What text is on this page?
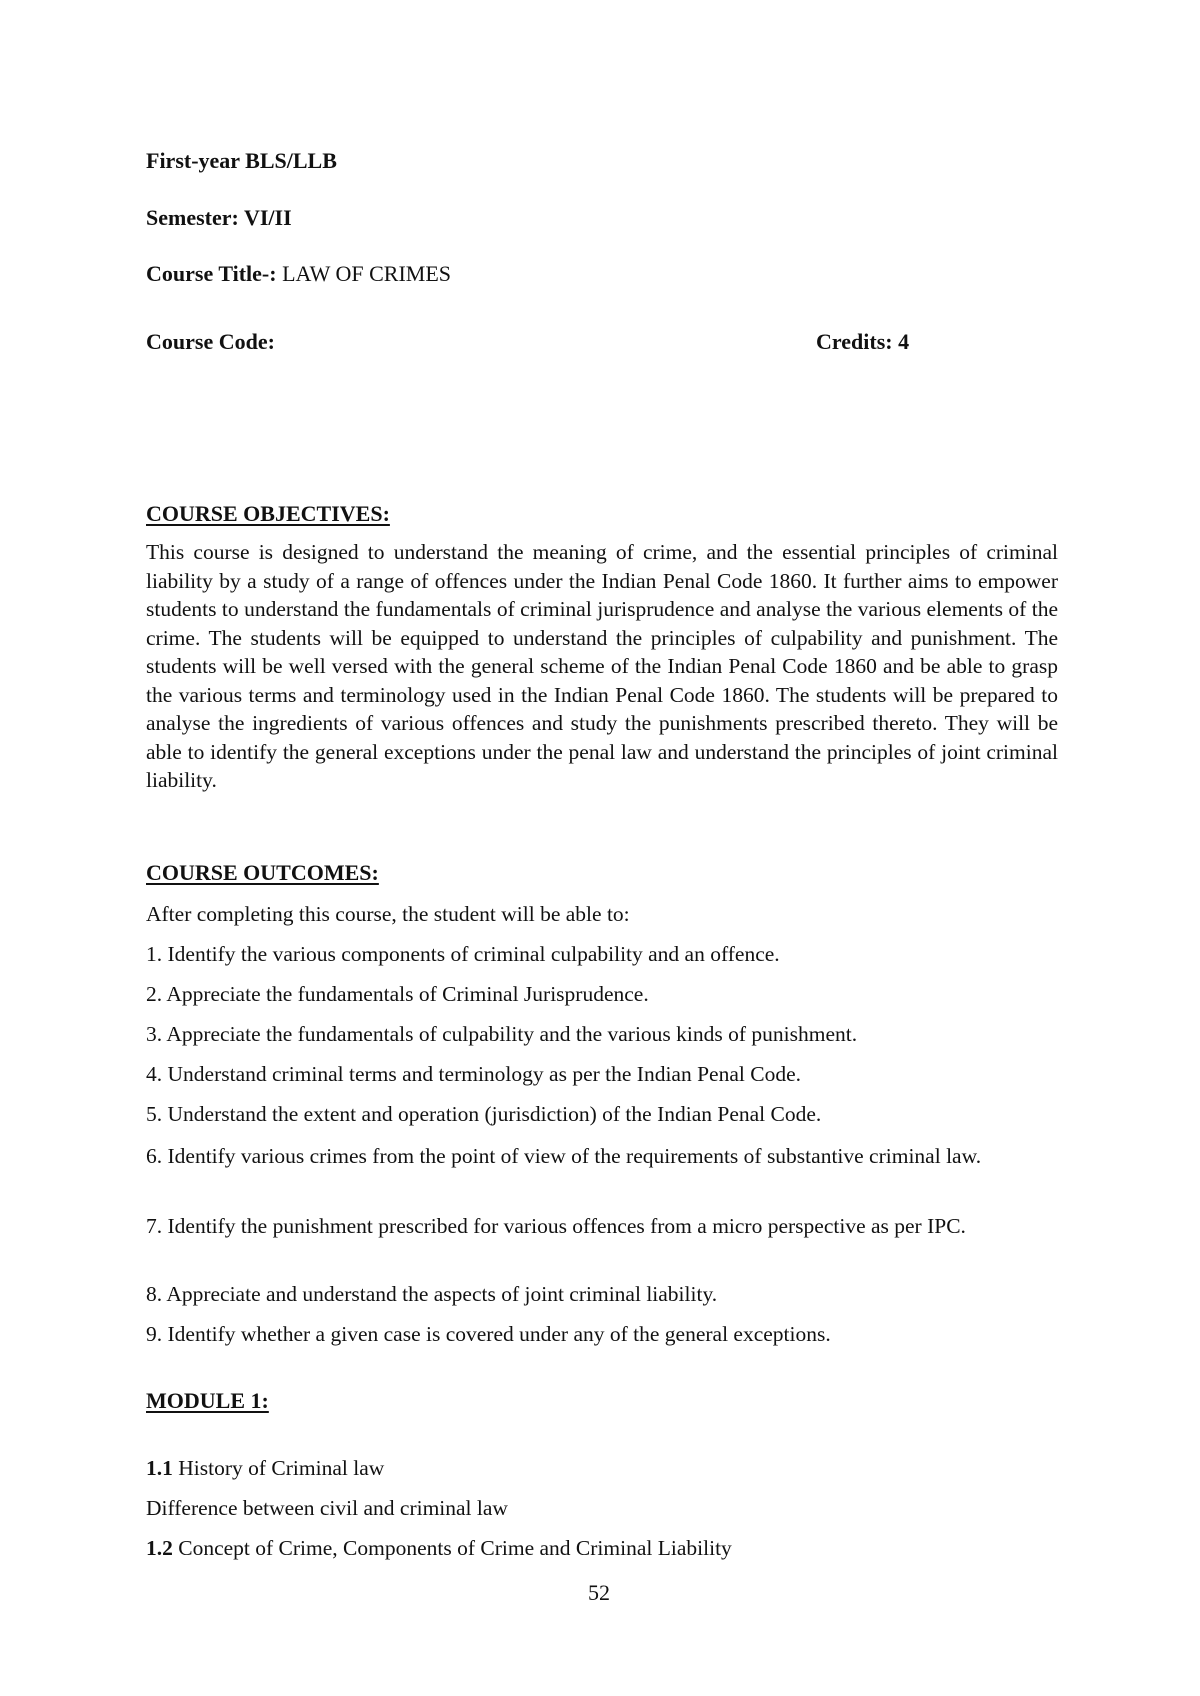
First-year BLS/LLB
Semester: VI/II
Course Title-: LAW OF CRIMES
Course Code:	Credits: 4
COURSE OBJECTIVES:
This course is designed to understand the meaning of crime, and the essential principles of criminal liability by a study of a range of offences under the Indian Penal Code 1860. It further aims to empower students to understand the fundamentals of criminal jurisprudence and analyse the various elements of the crime. The students will be equipped to understand the principles of culpability and punishment. The students will be well versed with the general scheme of the Indian Penal Code 1860 and be able to grasp the various terms and terminology used in the Indian Penal Code 1860. The students will be prepared to analyse the ingredients of various offences and study the punishments prescribed thereto. They will be able to identify the general exceptions under the penal law and understand the principles of joint criminal liability.
COURSE OUTCOMES:
After completing this course, the student will be able to:
1. Identify the various components of criminal culpability and an offence.
2. Appreciate the fundamentals of Criminal Jurisprudence.
3. Appreciate the fundamentals of culpability and the various kinds of punishment.
4. Understand criminal terms and terminology as per the Indian Penal Code.
5. Understand the extent and operation (jurisdiction) of the Indian Penal Code.
6. Identify various crimes from the point of view of the requirements of substantive criminal law.
7. Identify the punishment prescribed for various offences from a micro perspective as per IPC.
8. Appreciate and understand the aspects of joint criminal liability.
9. Identify whether a given case is covered under any of the general exceptions.
MODULE 1:
1.1 History of Criminal law
Difference between civil and criminal law
1.2 Concept of Crime, Components of Crime and Criminal Liability
52
